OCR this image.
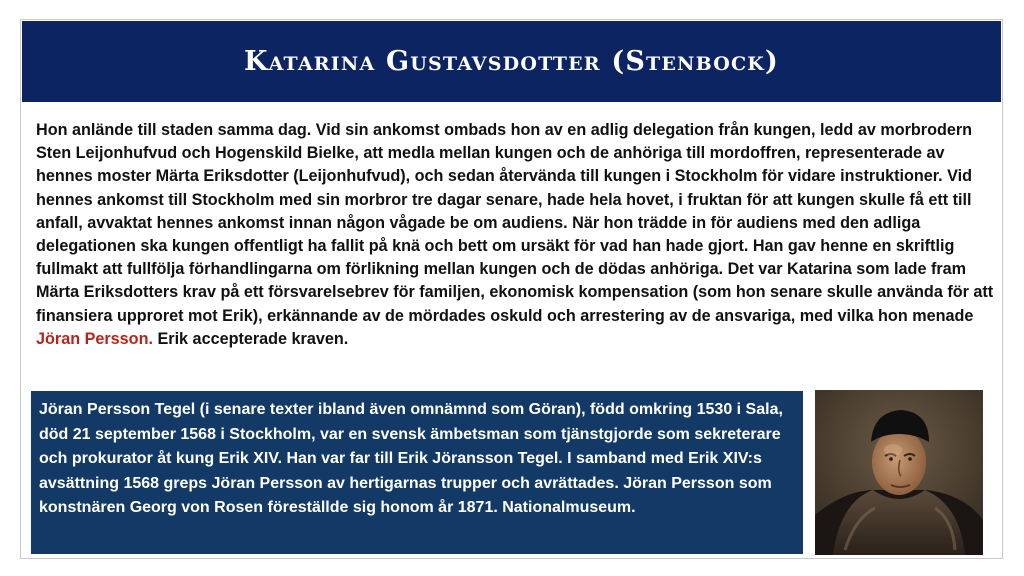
Katarina Gustavsdotter (Stenbock)

Hon anlände till staden samma dag. Vid sin ankomst ombads hon av en adlig delegation från kungen, ledd av morbrodern Sten Leijonhufvud och Hogenskild Bielke, att medla mellan kungen och de anhöriga till mordoffren, representerade av hennes moster Märta Eriksdotter (Leijonhufvud), och sedan återvända till kungen i Stockholm för vidare instruktioner. Vid hennes ankomst till Stockholm med sin morbror tre dagar senare, hade hela hovet, i fruktan för att kungen skulle få ett till anfall, avvaktat hennes ankomst innan någon vågade be om audiens. När hon trädde in för audiens med den adliga delegationen ska kungen offentligt ha fallit på knä och bett om ursäkt för vad han hade gjort. Han gav henne en skriftlig fullmakt att fullfölja förhandlingarna om förlikning mellan kungen och de dödas anhöriga. Det var Katarina som lade fram Märta Eriksdotters krav på ett försvarelsebrev för familjen, ekonomisk kompensation (som hon senare skulle använda för att finansiera upproret mot Erik), erkännande av de mördades oskuld och arrestering av de ansvariga, med vilka hon menade Jöran Persson. Erik accepterade kraven.

Jöran Persson Tegel (i senare texter ibland även omnämnd som Göran), född omkring 1530 i Sala, död 21 september 1568 i Stockholm, var en svensk ämbetsman som tjänstgjorde som sekreterare och prokurator åt kung Erik XIV. Han var far till Erik Jöransson Tegel. I samband med Erik XIV:s avsättning 1568 greps Jöran Persson av hertigarnas trupper och avrättades. Jöran Persson som konstnären Georg von Rosen föreställde sig honom år 1871. Nationalmuseum.
